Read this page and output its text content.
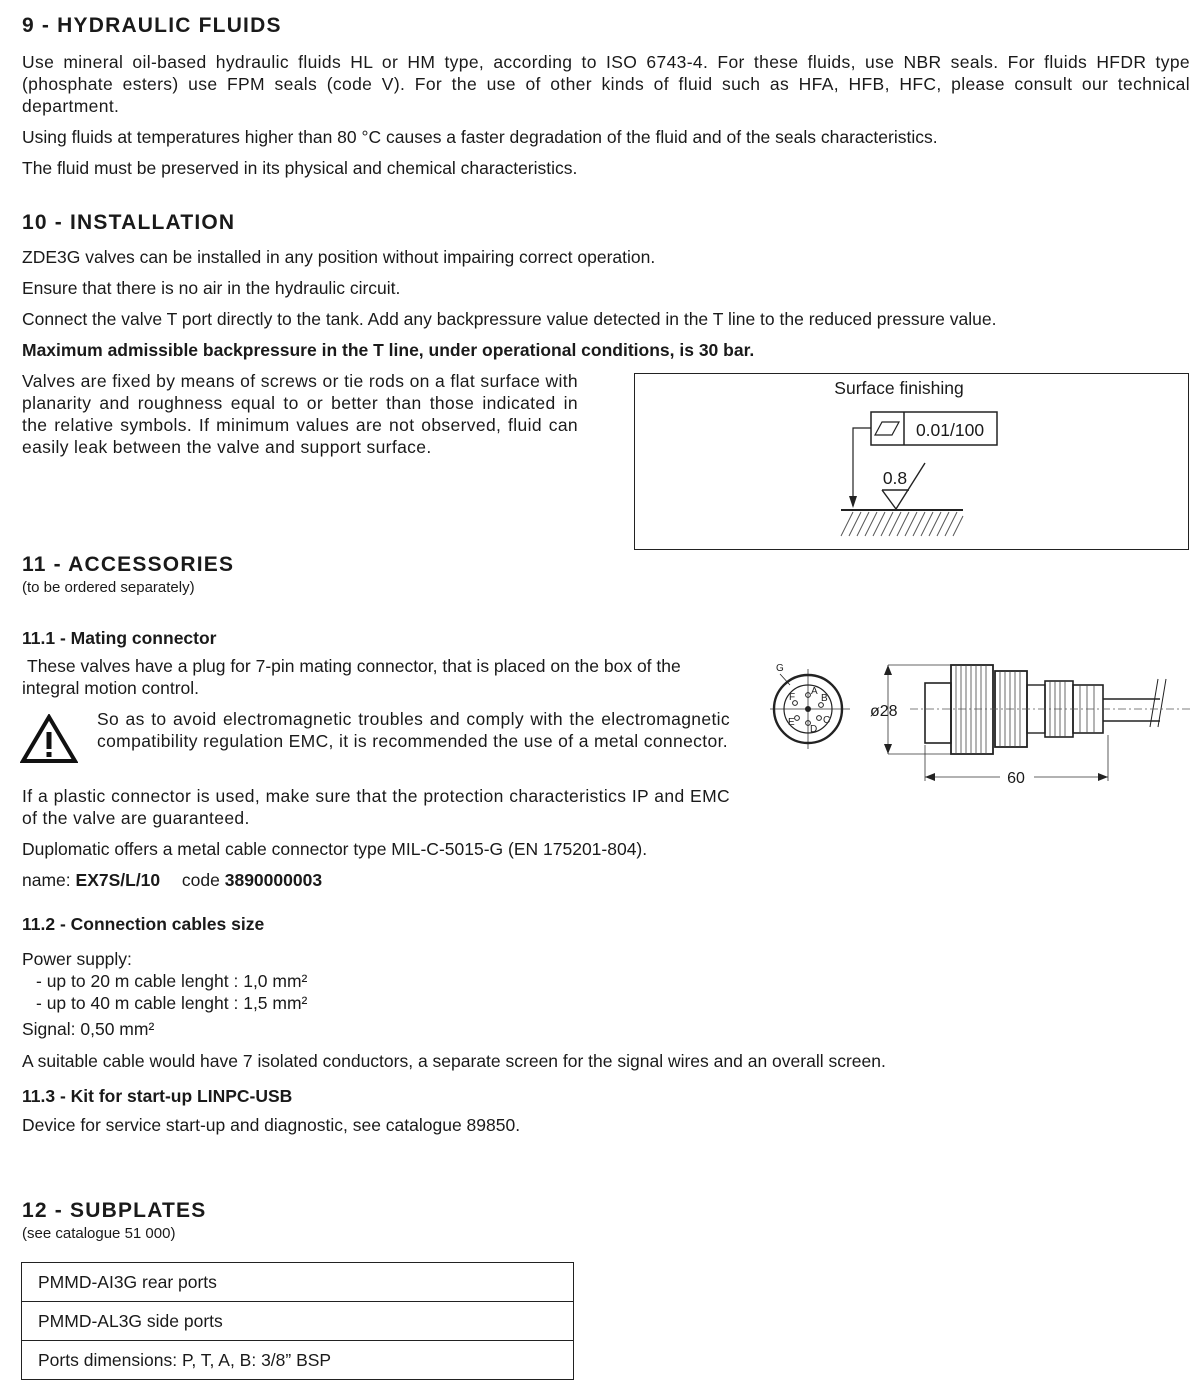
9 - HYDRAULIC FLUIDS

Use mineral oil-based hydraulic fluids HL or HM type, according to ISO 6743-4. For these fluids, use NBR seals. For fluids HFDR type (phosphate esters) use FPM seals (code V). For the use of other kinds of fluid such as HFA, HFB, HFC, please consult our technical department.

Using fluids at temperatures higher than 80 °C causes a faster degradation of the fluid and of the seals characteristics.

The fluid must be preserved in its physical and chemical characteristics.

10 - INSTALLATION

ZDE3G valves can be installed in any position without impairing correct operation.

Ensure that there is no air in the hydraulic circuit.

Connect the valve T port directly to the tank. Add any backpressure value detected in the T line to the reduced pressure value.

Maximum admissible backpressure in the T line, under operational conditions, is 30 bar.

Valves are fixed by means of screws or tie rods on a flat surface with planarity and roughness equal to or better than those indicated in the relative symbols. If minimum values are not observed, fluid can easily leak between the valve and support surface.

Surface finishing
0.01/100
0.8
11 - ACCESSORIES

(to be ordered separately)

11.1 - Mating connector

These valves have a plug for 7-pin mating connector, that is placed on the box of the integral motion control.

So as to avoid electromagnetic troubles and comply with the electromagnetic compatibility regulation EMC, it is recommended the use of a metal connector.

If a plastic connector is used, make sure that the protection characteristics IP and EMC of the valve are guaranteed.

Duplomatic offers a metal cable connector type MIL-C-5015-G (EN 175201-804).

name: EX7S/L/10 code 3890000003

G
A
B
C
D
E
F
ø28
60

11.2 - Connection cables size

Power supply:

- up to 20 m cable lenght : 1,0 mm²

- up to 40 m cable lenght : 1,5 mm²

Signal: 0,50 mm²

A suitable cable would have 7 isolated conductors, a separate screen for the signal wires and an overall screen.

11.3 - Kit for start-up LINPC-USB

Device for service start-up and diagnostic, see catalogue 89850.

12 - SUBPLATES

(see catalogue 51 000)

PMMD-AI3G rear ports
PMMD-AL3G side ports
Ports dimensions: P, T, A, B: 3/8” BSP
